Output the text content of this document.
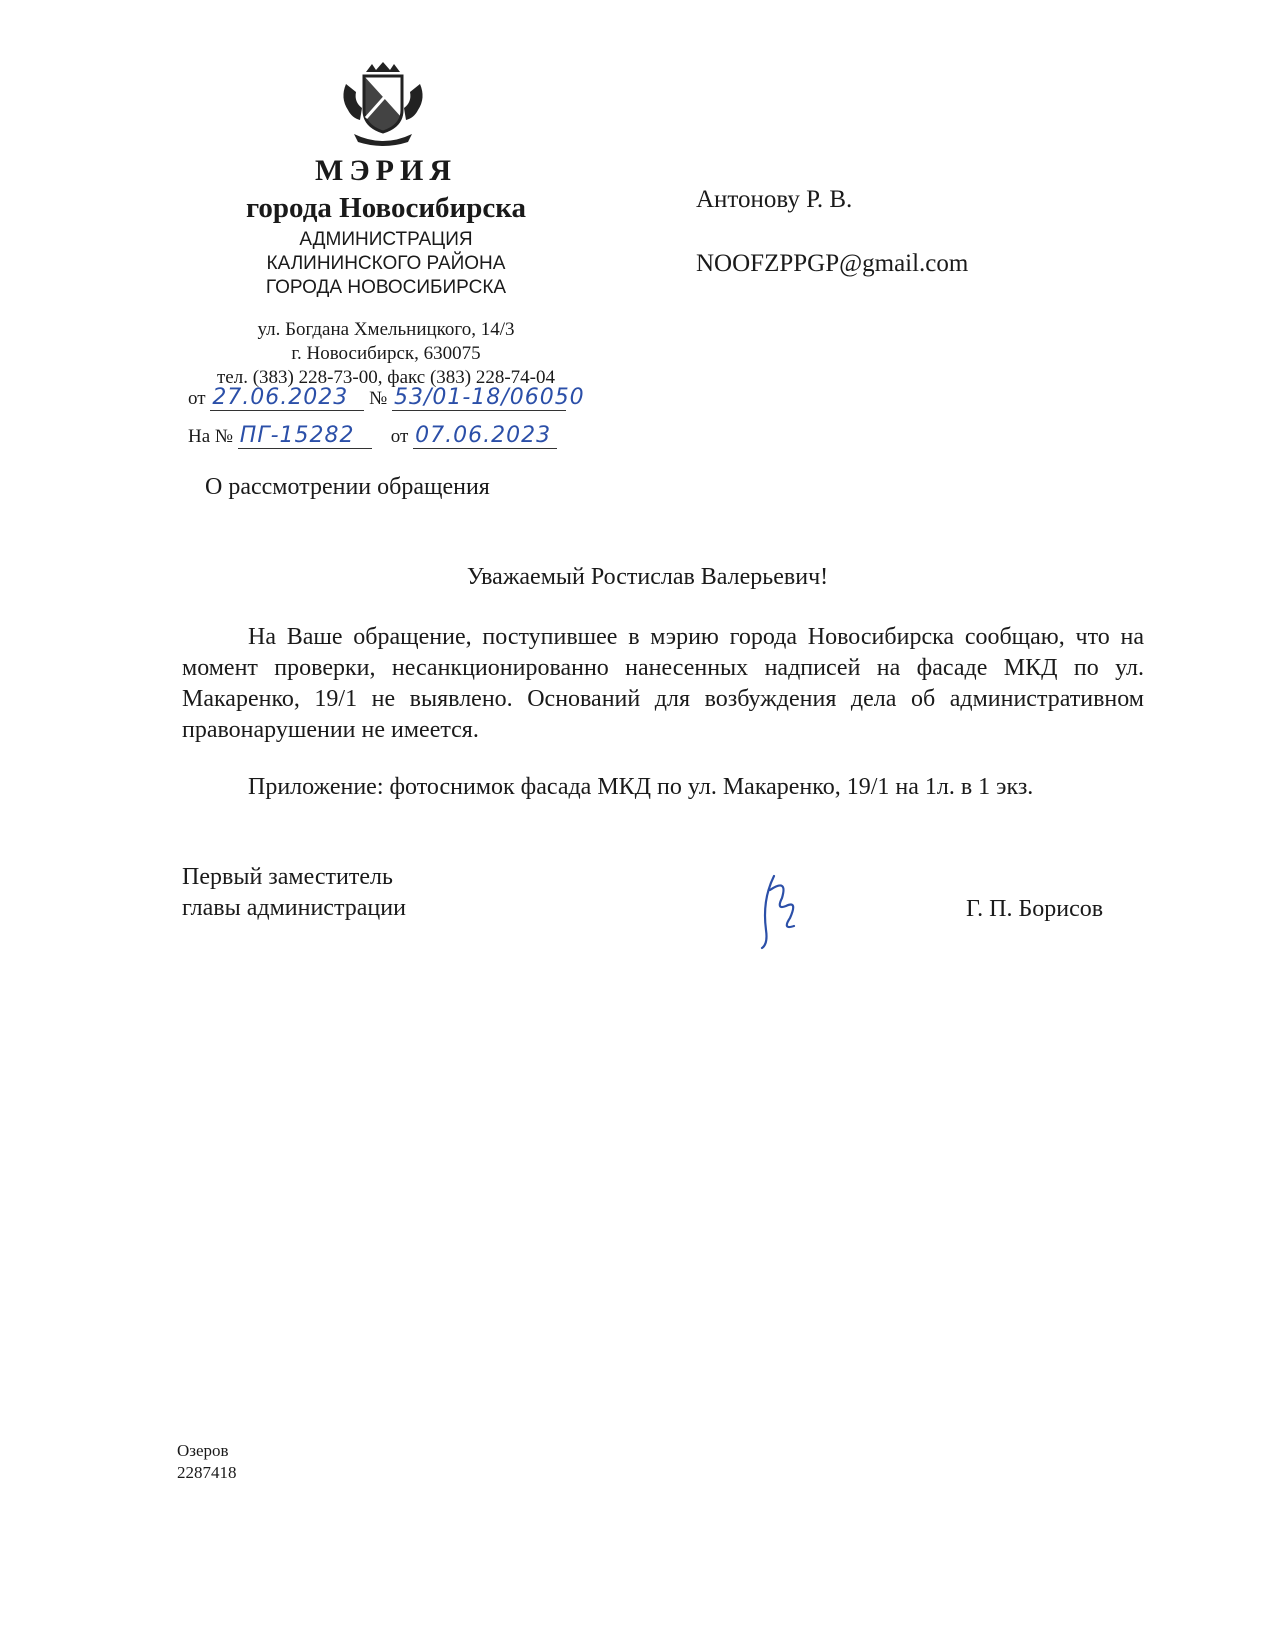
МЭРИЯ
города Новосибирска
АДМИНИСТРАЦИЯ
КАЛИНИНСКОГО РАЙОНА
ГОРОДА НОВОСИБИРСКА
ул. Богдана Хмельницкого, 14/3
г. Новосибирск, 630075
тел. (383) 228-73-00, факс (383) 228-74-04
от 27.06.2023 № 53/01-18/06050
На № ПГ-15282 от 07.06.2023
О рассмотрении обращения
Антонову Р. В.
NOOFZPPGP@gmail.com
Уважаемый Ростислав Валерьевич!
На Ваше обращение, поступившее в мэрию города Новосибирска сообщаю, что на момент проверки, несанкционированно нанесенных надписей на фасаде МКД по ул. Макаренко, 19/1 не выявлено. Оснований для возбуждения дела об административном правонарушении не имеется.
Приложение: фотоснимок фасада МКД по ул. Макаренко, 19/1 на 1л. в 1 экз.
Первый заместитель
главы администрации	Г. П. Борисов
Озеров
2287418
